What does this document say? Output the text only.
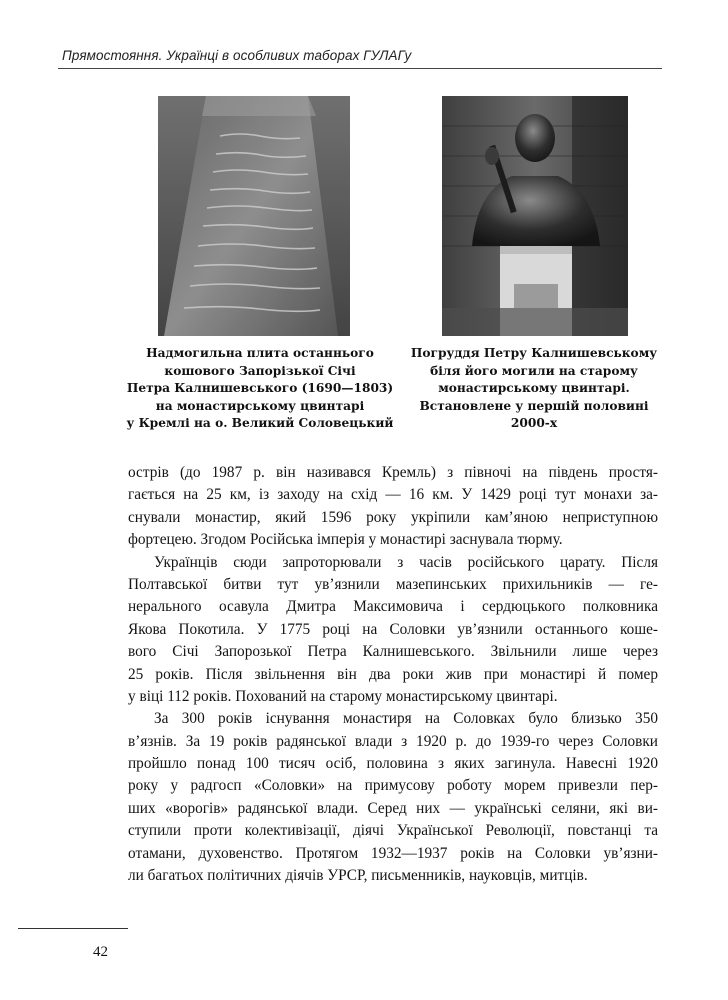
Прямостояння. Українці в особливих таборах ГУЛАГу
Надмогильна плита останнього
кошового Запорізької Січі
Петра Калнишевського (1690—1803)
на монастирському цвинтарі
у Кремлі на о. Великий Соловецький
Погруддя Петру Калнишевському
біля його могили на старому
монастирському цвинтарі.
Встановлене у першій половині
2000-х
острів (до 1987 р. він називався Кремль) з півночі на південь простя-
гається на 25 км, із заходу на схід — 16 км. У 1429 році тут монахи за-
снували монастир, який 1596 року укріпили кам’яною неприступною
фортецею. Згодом Російська імперія у монастирі заснувала тюрму.
Українців сюди запроторювали з часів російського царату. Після
Полтавської битви тут ув’язнили мазепинських прихильників — ге-
нерального осавула Дмитра Максимовича і сердюцького полковника
Якова Покотила. У 1775 році на Соловки ув’язнили останнього коше-
вого Січі Запорозької Петра Калнишевського. Звільнили лише через
25 років. Після звільнення він два роки жив при монастирі й помер
у віці 112 років. Похований на старому монастирському цвинтарі.
За 300 років існування монастиря на Соловках було близько 350
в’язнів. За 19 років радянської влади з 1920 р. до 1939-го через Соловки
пройшло понад 100 тисяч осіб, половина з яких загинула. Навесні 1920
року у радгосп «Соловки» на примусову роботу морем привезли пер-
ших «ворогів» радянської влади. Серед них — українські селяни, які ви-
ступили проти колективізації, діячі Української Революції, повстанці та
отамани, духовенство. Протягом 1932—1937 років на Соловки ув’язни-
ли багатьох політичних діячів УРСР, письменників, науковців, митців.
42
